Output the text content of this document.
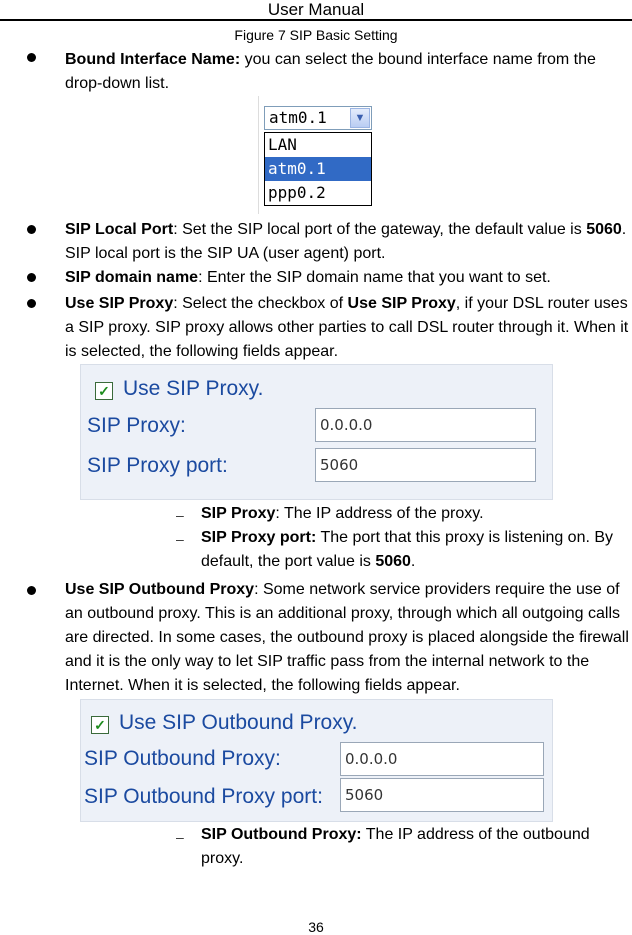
User Manual
Figure 7 SIP Basic Setting
Bound Interface Name: you can select the bound interface name from the drop-down list.
atm0.1	▼
LAN
atm0.1
ppp0.2
SIP Local Port: Set the SIP local port of the gateway, the default value is 5060. SIP local port is the SIP UA (user agent) port.
SIP domain name: Enter the SIP domain name that you want to set.
Use SIP Proxy: Select the checkbox of Use SIP Proxy, if your DSL router uses a SIP proxy. SIP proxy allows other parties to call DSL router through it. When it is selected, the following fields appear.
✓ Use SIP Proxy.
SIP Proxy:	0.0.0.0
SIP Proxy port:	5060
– SIP Proxy: The IP address of the proxy.
– SIP Proxy port: The port that this proxy is listening on. By default, the port value is 5060.
Use SIP Outbound Proxy: Some network service providers require the use of an outbound proxy. This is an additional proxy, through which all outgoing calls are directed. In some cases, the outbound proxy is placed alongside the firewall and it is the only way to let SIP traffic pass from the internal network to the Internet. When it is selected, the following fields appear.
✓ Use SIP Outbound Proxy.
SIP Outbound Proxy:	0.0.0.0
SIP Outbound Proxy port:	5060
– SIP Outbound Proxy: The IP address of the outbound proxy.
36
